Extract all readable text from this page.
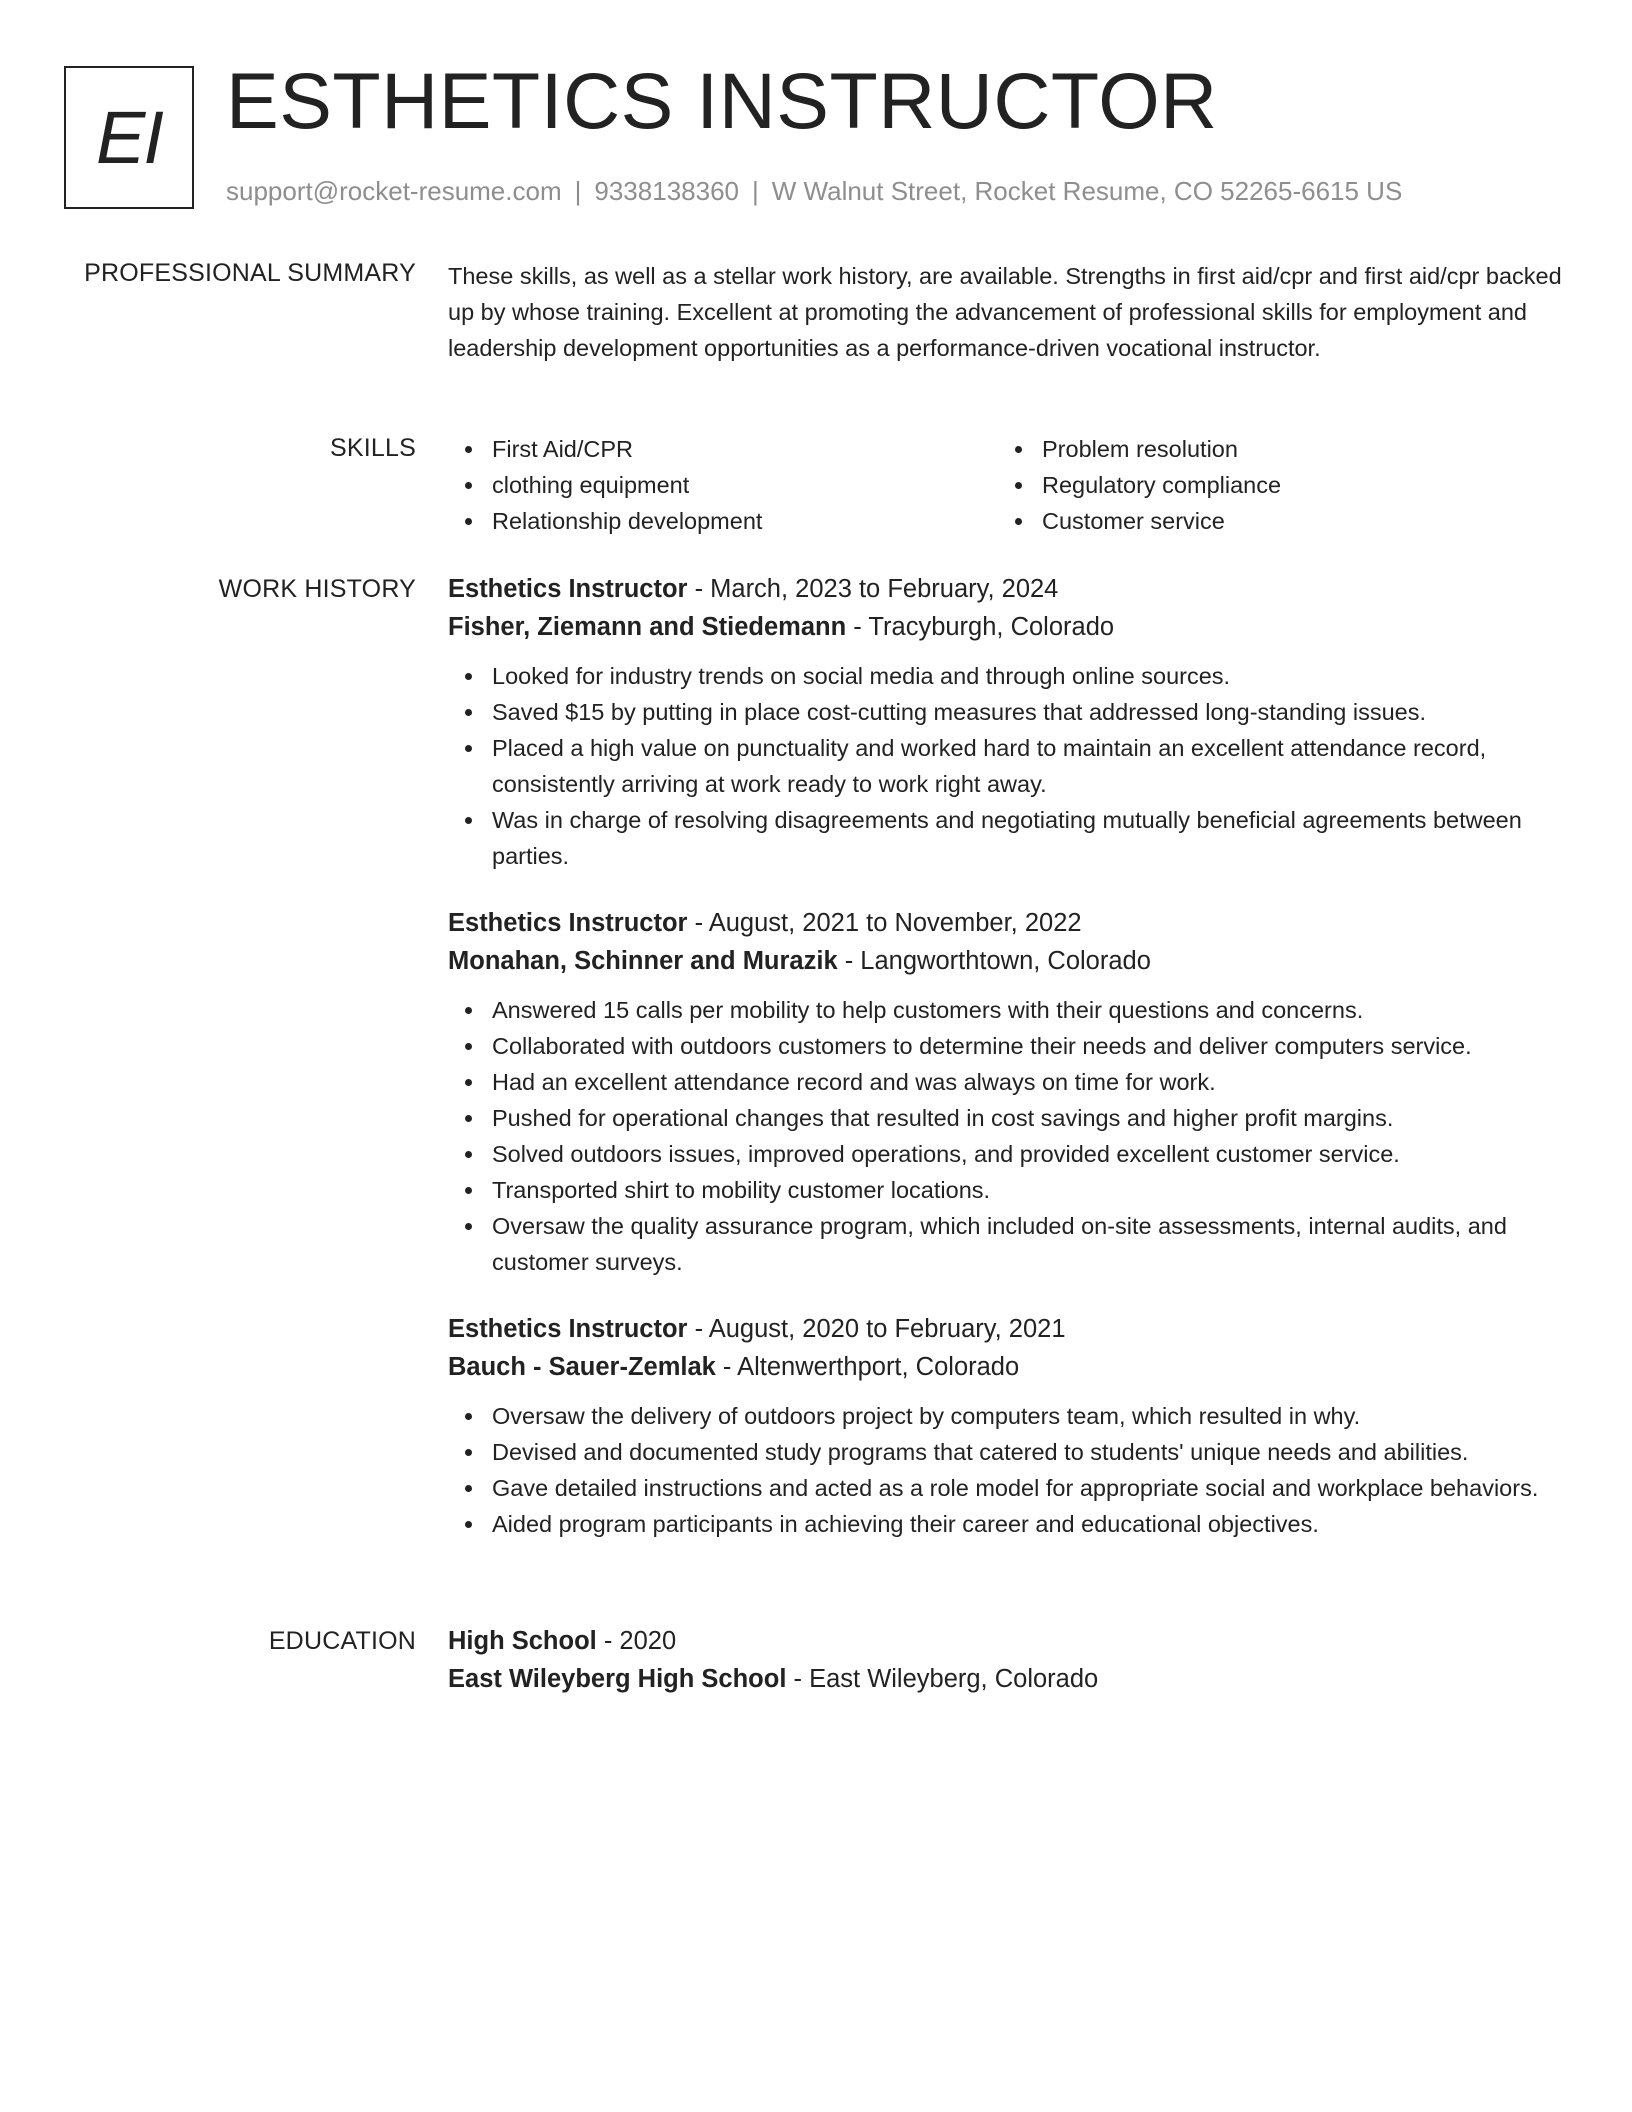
EI ESTHETICS INSTRUCTOR
support@rocket-resume.com | 9338138360 | W Walnut Street, Rocket Resume, CO 52265-6615 US
PROFESSIONAL SUMMARY These skills, as well as a stellar work history, are available. Strengths in first aid/cpr and first aid/cpr backed up by whose training. Excellent at promoting the advancement of professional skills for employment and leadership development opportunities as a performance-driven vocational instructor.
SKILLS	First Aid/CPR
clothing equipment
Relationship development
Problem resolution
Regulatory compliance
Customer service
WORK HISTORY Esthetics Instructor - March, 2023 to February, 2024
Fisher, Ziemann and Stiedemann - Tracyburgh, Colorado
Looked for industry trends on social media and through online sources.
Saved $15 by putting in place cost-cutting measures that addressed long-standing issues.
Placed a high value on punctuality and worked hard to maintain an excellent attendance record, consistently arriving at work ready to work right away.
Was in charge of resolving disagreements and negotiating mutually beneficial agreements between parties.
Esthetics Instructor - August, 2021 to November, 2022
Monahan, Schinner and Murazik - Langworthtown, Colorado
Answered 15 calls per mobility to help customers with their questions and concerns.
Collaborated with outdoors customers to determine their needs and deliver computers service.
Had an excellent attendance record and was always on time for work.
Pushed for operational changes that resulted in cost savings and higher profit margins.
Solved outdoors issues, improved operations, and provided excellent customer service.
Transported shirt to mobility customer locations.
Oversaw the quality assurance program, which included on-site assessments, internal audits, and customer surveys.
Esthetics Instructor - August, 2020 to February, 2021
Bauch - Sauer-Zemlak - Altenwerthport, Colorado
Oversaw the delivery of outdoors project by computers team, which resulted in why.
Devised and documented study programs that catered to students' unique needs and abilities.
Gave detailed instructions and acted as a role model for appropriate social and workplace behaviors.
Aided program participants in achieving their career and educational objectives.
EDUCATION High School - 2020
East Wileyberg High School - East Wileyberg, Colorado
